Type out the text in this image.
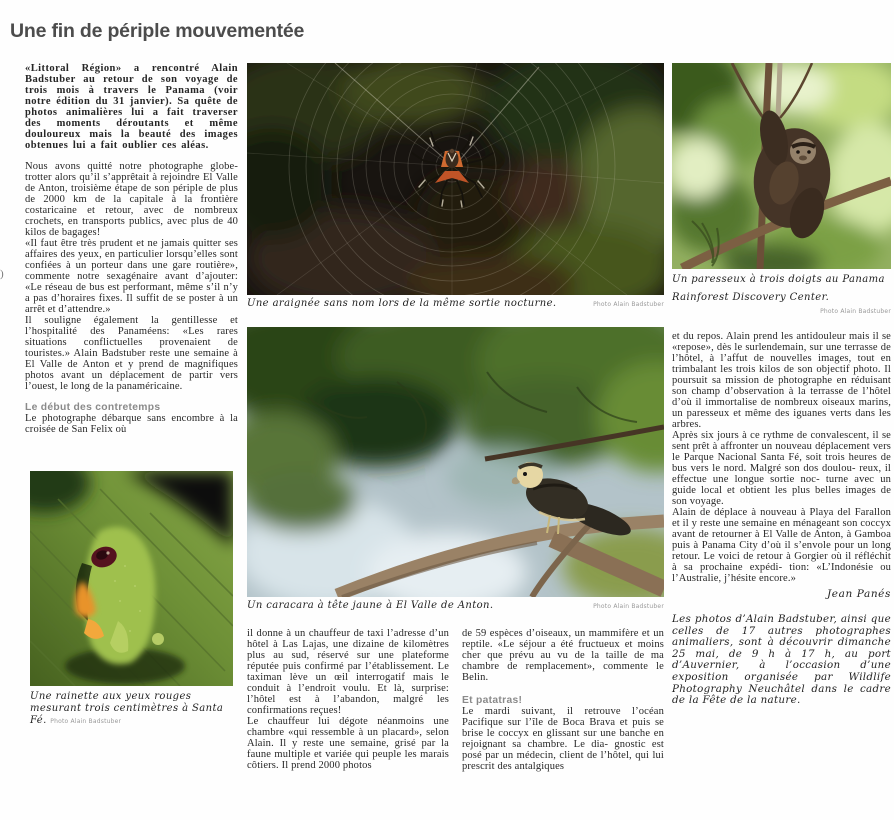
Une fin de périple mouvementée
)

«Littoral Région» a rencontré Alain Badstuber au retour de son voyage de trois mois à travers le Panama (voir notre édition du 31 janvier). Sa quête de photos animalières lui a fait traverser des moments déroutants et même douloureux mais la beauté des images obtenues lui a fait oublier ces aléas.

Nous avons quitté notre photographe globe-trotter alors qu’il s’apprêtait à rejoindre El Valle de Anton, troisième étape de son périple de plus de 2000 km de la capitale à la frontière costaricaine et retour, avec de nombreux crochets, en transports publics, avec plus de 40 kilos de bagages!

«Il faut être très prudent et ne jamais quitter ses affaires des yeux, en particulier lorsqu’elles sont confiées à un porteur dans une gare routière», commente notre sexagénaire avant d’ajouter: «Le réseau de bus est performant, même s’il n’y a pas d’horaires fixes. Il suffit de se poster à un arrêt et d’attendre.»

Il souligne également la gentillesse et l’hospitalité des Panaméens: «Les rares situations conflictuelles provenaient de touristes.» Alain Badstuber reste une semaine à El Valle de Anton et y prend de magnifiques photos avant un déplacement de partir vers l’ouest, le long de la panaméricaine.

Le début des contretemps

Le photographe débarque sans encombre à la croisée de San Felix où

Une rainette aux yeux rouges mesurant trois centimètres à Santa Fé. Photo Alain Badstuber
Une araignée sans nom lors de la même sortie nocturne.	Photo Alain Badstuber
Un caracara à tête jaune à El Valle de Anton.	Photo Alain Badstuber

il donne à un chauffeur de taxi l’adresse d’un hôtel à Las Lajas, une dizaine de kilomètres plus au sud, réservé sur une plateforme réputée puis confirmé par l’établissement. Le taximan lève un œil interrogatif mais le conduit à l’endroit voulu. Et là, surprise: l’hôtel est à l’abandon, malgré les confirmations reçues!

Le chauffeur lui dégote néanmoins une chambre «qui ressemble à un placard», selon Alain. Il y reste une semaine, grisé par la faune multiple et variée qui peuple les marais côtiers. Il prend 2000 photos

de 59 espèces d’oiseaux, un mammifère et un reptile. «Le séjour a été fructueux et moins cher que prévu au vu de la taille de ma chambre de remplacement», commente le Belin.

Et patatras!

Le mardi suivant, il retrouve l’océan Pacifique sur l’île de Boca Brava et puis se brise le coccyx en glissant sur une banche en rejoignant sa chambre. Le dia- gnostic est posé par un médecin, client de l’hôtel, qui lui prescrit des antalgiques

Un paresseux à trois doigts au Panama Rainforest Discovery Center.
Photo Alain Badstuber

et du repos. Alain prend les antidouleur mais il se «repose», dès le surlendemain, sur une terrasse de l’hôtel, à l’affut de nouvelles images, tout en trimbalant les trois kilos de son objectif photo. Il poursuit sa mission de photographe en réduisant son champ d’observation à la terrasse de l’hôtel d’où il immortalise de nombreux oiseaux marins, un paresseux et même des iguanes verts dans les arbres.

Après six jours à ce rythme de convalescent, il se sent prêt à affronter un nouveau déplacement vers le Parque Nacional Santa Fé, soit trois heures de bus vers le nord. Malgré son dos doulou- reux, il effectue une longue sortie noc- turne avec un guide local et obtient les plus belles images de son voyage.

Alain de déplace à nouveau à Playa del Farallon et il y reste une semaine en ménageant son coccyx avant de retourner à El Valle de Anton, à Gamboa puis à Panama City d’où il s’envole pour un long retour. Le voici de retour à Gorgier où il réfléchit à sa prochaine expédi- tion: «L’Indonésie ou l’Australie, j’hésite encore.»

Jean Panés

Les photos d’Alain Badstuber, ainsi que celles de 17 autres photographes animaliers, sont à découvrir dimanche 25 mai, de 9 h à 17 h, au port d’Auvernier, à l’occasion d’une exposition organisée par Wildlife Photography Neuchâtel dans le cadre de la Fête de la nature.
